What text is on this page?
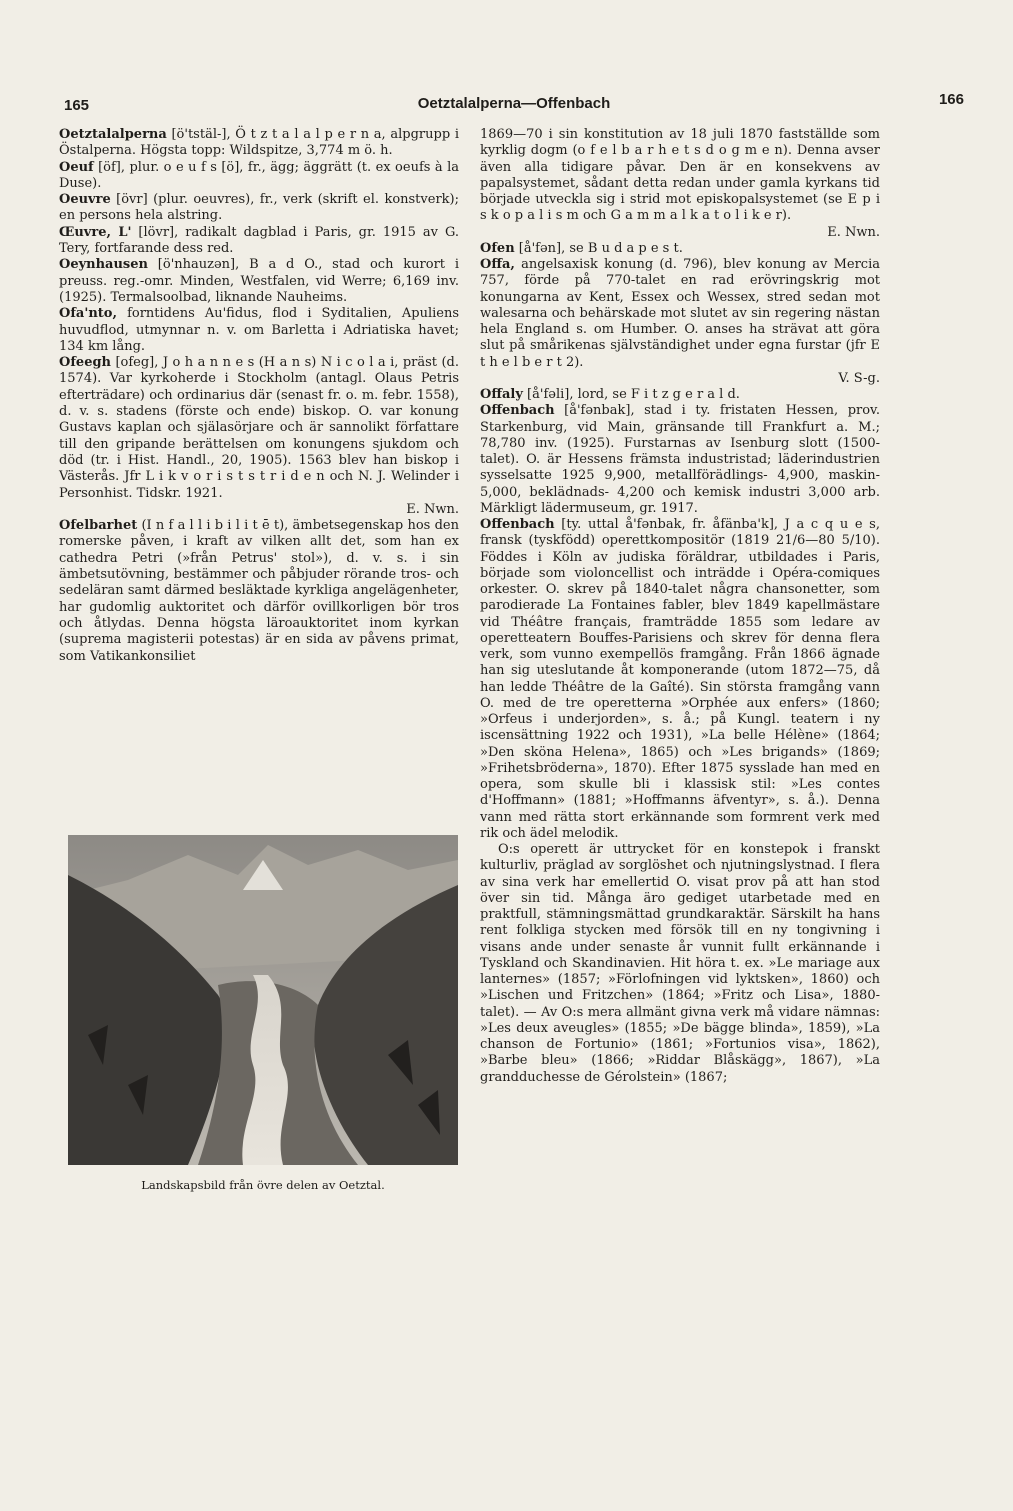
165	Oetztalalperna—Offenbach	166

Oetztalalperna [ö'tstäl-], Ö t z t a l a l p e r n a, alpgrupp i Östalperna. Högsta topp: Wildspitze, 3,774 m ö. h.

Oeuf [öf], plur. o e u f s [ö], fr., ägg; äggrätt (t. ex oeufs à la Duse).

Oeuvre [övr] (plur. oeuvres), fr., verk (skrift el. konstverk); en persons hela alstring.

Œuvre, L' [lövr], radikalt dagblad i Paris, gr. 1915 av G. Tery, fortfarande dess red.

Oeynhausen [ö'nhauzən], B a d O., stad och kurort i preuss. reg.-omr. Minden, Westfalen, vid Werre; 6,169 inv. (1925). Termalsoolbad, liknande Nauheims.

Ofa'nto, forntidens Au'fidus, flod i Syditalien, Apuliens huvudflod, utmynnar n. v. om Barletta i Adriatiska havet; 134 km lång.

Ofeegh [ofeg], J o h a n n e s (H a n s) N i c o l a i, präst (d. 1574). Var kyrkoherde i Stockholm (antagl. Olaus Petris efterträdare) och ordinarius där (senast fr. o. m. febr. 1558), d. v. s. stadens (förste och ende) biskop. O. var konung Gustavs kaplan och själasörjare och är sannolikt författare till den gripande berättelsen om konungens sjukdom och död (tr. i Hist. Handl., 20, 1905). 1563 blev han biskop i Västerås. Jfr L i k v o r i s t s t r i d e n och N. J. Welinder i Personhist. Tidskr. 1921.
E. Nwn.

Ofelbarhet (I n f a l l i b i l i t ē t), ämbetsegenskap hos den romerske påven, i kraft av vilken allt det, som han ex cathedra Petri (»från Petrus' stol»), d. v. s. i sin ämbetsutövning, bestämmer och påbjuder rörande tros- och sedeläran samt därmed besläktade kyrkliga angelägenheter, har gudomlig auktoritet och därför ovillkorligen bör tros och åtlydas. Denna högsta läroauktoritet inom kyrkan (suprema magisterii potestas) är en sida av påvens primat, som Vatikankonsiliet

1869—70 i sin konstitution av 18 juli 1870 fastställde som kyrklig dogm (o f e l b a r h e t s d o g m e n). Denna avser även alla tidigare påvar. Den är en konsekvens av papalsystemet, sådant detta redan under gamla kyrkans tid började utveckla sig i strid mot episkopalsystemet (se E p i s k o p a l i s m och G a m m a l k a t o l i k e r).
E. Nwn.

Ofen [å'fən], se B u d a p e s t.

Offa, angelsaxisk konung (d. 796), blev konung av Mercia 757, förde på 770-talet en rad erövringskrig mot konungarna av Kent, Essex och Wessex, stred sedan mot walesarna och behärskade mot slutet av sin regering nästan hela England s. om Humber. O. anses ha strävat att göra slut på smårikenas självständighet under egna furstar (jfr E t h e l b e r t 2).
V. S-g.

Offaly [å'fəli], lord, se F i t z g e r a l d.

Offenbach [å'fənbak], stad i ty. fristaten Hessen, prov. Starkenburg, vid Main, gränsande till Frankfurt a. M.; 78,780 inv. (1925). Furstarnas av Isenburg slott (1500-talet). O. är Hessens främsta industristad; läderindustrien sysselsatte 1925 9,900, metallförädlings- 4,900, maskin- 5,000, beklädnads- 4,200 och kemisk industri 3,000 arb. Märkligt lädermuseum, gr. 1917.

Offenbach [ty. uttal å'fənbak, fr. åfänba'k], J a c q u e s, fransk (tyskfödd) operettkompositör (1819 21/6—80 5/10). Föddes i Köln av judiska föräldrar, utbildades i Paris, började som violoncellist och inträdde i Opéra-comiques orkester. O. skrev på 1840-talet några chansonetter, som parodierade La Fontaines fabler, blev 1849 kapellmästare vid Théâtre français, framträdde 1855 som ledare av operetteatern Bouffes-Parisiens och skrev för denna flera verk, som vunno exempellös framgång. Från 1866 ägnade han sig uteslutande åt komponerande (utom 1872—75, då han ledde Théâtre de la Gaîté). Sin största framgång vann O. med de tre operetterna »Orphée aux enfers» (1860; »Orfeus i underjorden», s. å.; på Kungl. teatern i ny iscensättning 1922 och 1931), »La belle Hélène» (1864; »Den sköna Helena», 1865) och »Les brigands» (1869; »Frihetsbröderna», 1870). Efter 1875 sysslade han med en opera, som skulle bli i klassisk stil: »Les contes d'Hoffmann» (1881; »Hoffmanns äfventyr», s. å.). Denna vann med rätta stort erkännande som formrent verk med rik och ädel melodik.

O:s operett är uttrycket för en konstepok i franskt kulturliv, präglad av sorglöshet och njutningslystnad. I flera av sina verk har emellertid O. visat prov på att han stod över sin tid. Många äro gediget utarbetade med en praktfull, stämningsmättad grundkaraktär. Särskilt ha hans rent folkliga stycken med försök till en ny tongivning i visans ande under senaste år vunnit fullt erkännande i Tyskland och Skandinavien. Hit höra t. ex. »Le mariage aux lanternes» (1857; »Förlofningen vid lyktsken», 1860) och »Lischen und Fritzchen» (1864; »Fritz och Lisa», 1880-talet). — Av O:s mera allmänt givna verk må vidare nämnas: »Les deux aveugles» (1855; »De bägge blinda», 1859), »La chanson de Fortunio» (1861; »Fortunios visa», 1862), »Barbe bleu» (1866; »Riddar Blåskägg», 1867), »La grandduchesse de Gérolstein» (1867;

Landskapsbild från övre delen av Oetztal.
